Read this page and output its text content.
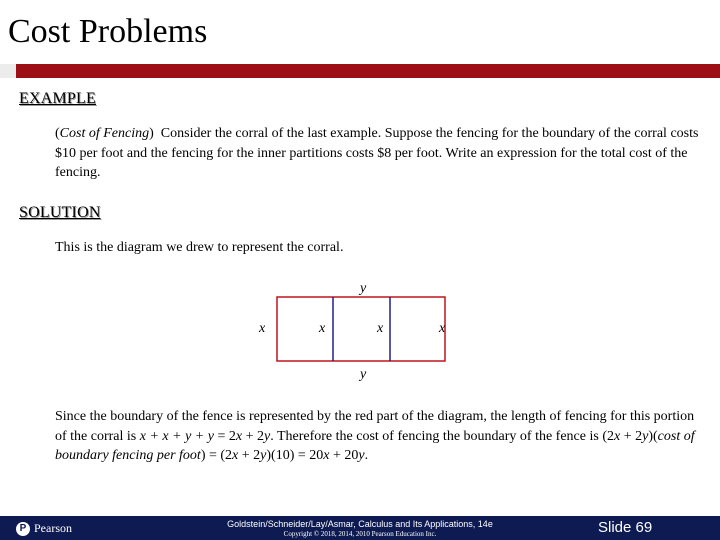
Cost Problems
EXAMPLE
(Cost of Fencing)  Consider the corral of the last example. Suppose the fencing for the boundary of the corral costs $10 per foot and the fencing for the inner partitions costs $8 per foot. Write an expression for the total cost of the fencing.
SOLUTION
This is the diagram we drew to represent the corral.
y
x	x	x	x
y
Since the boundary of the fence is represented by the red part of the diagram, the length of fencing for this portion of the corral is x + x + y + y = 2x + 2y. Therefore the cost of fencing the boundary of the fence is (2x + 2y)(cost of boundary fencing per foot) = (2x + 2y)(10) = 20x + 20y.
P Pearson	Goldstein/Schneider/Lay/Asmar, Calculus and Its Applications, 14e
Copyright © 2018, 2014, 2010 Pearson Education Inc.	Slide 69
